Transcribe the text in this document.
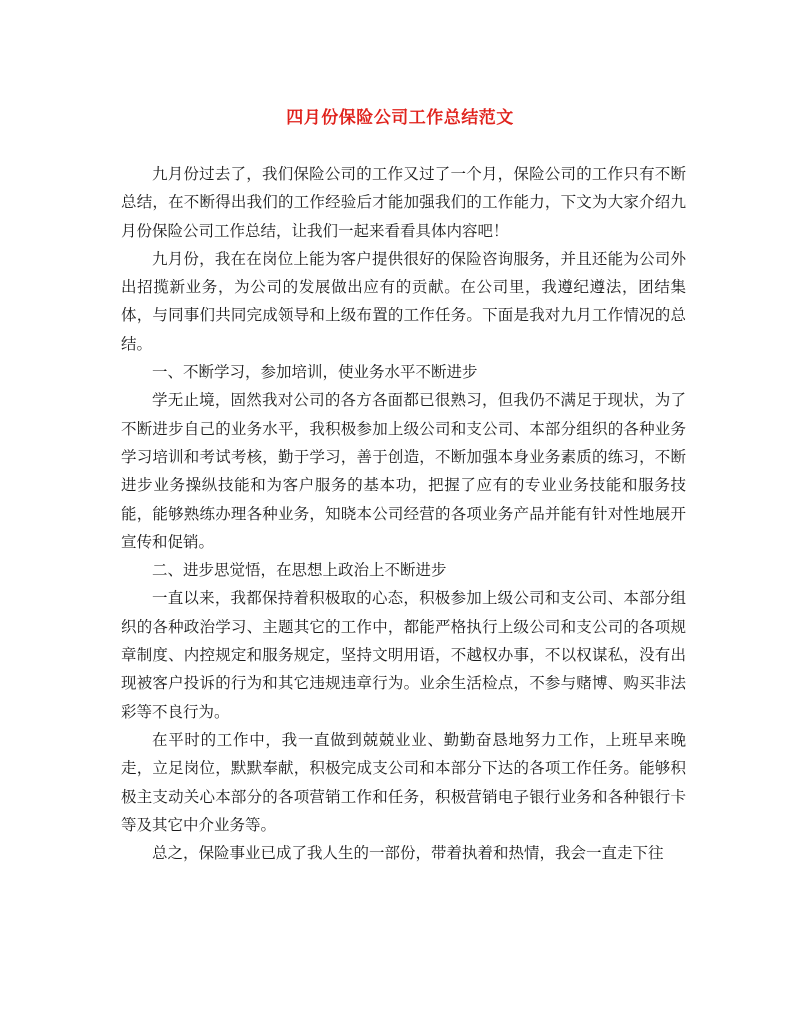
四月份保险公司工作总结范文

九月份过去了，我们保险公司的工作又过了一个月，保险公司的工作只有不断总结，在不断得出我们的工作经验后才能加强我们的工作能力，下文为大家介绍九月份保险公司工作总结，让我们一起来看看具体内容吧！

九月份，我在在岗位上能为客户提供很好的保险咨询服务，并且还能为公司外出招揽新业务，为公司的发展做出应有的贡献。在公司里，我遵纪遵法，团结集体，与同事们共同完成领导和上级布置的工作任务。下面是我对九月工作情况的总结。

一、不断学习，参加培训，使业务水平不断进步

学无止境，固然我对公司的各方各面都已很熟习，但我仍不满足于现状，为了不断进步自己的业务水平，我积极参加上级公司和支公司、本部分组织的各种业务学习培训和考试考核，勤于学习，善于创造，不断加强本身业务素质的练习，不断进步业务操纵技能和为客户服务的基本功，把握了应有的专业业务技能和服务技能，能够熟练办理各种业务，知晓本公司经营的各项业务产品并能有针对性地展开宣传和促销。

二、进步思觉悟，在思想上政治上不断进步

一直以来，我都保持着积极取的心态，积极参加上级公司和支公司、本部分组织的各种政治学习、主题其它的工作中，都能严格执行上级公司和支公司的各项规章制度、内控规定和服务规定，坚持文明用语，不越权办事，不以权谋私，没有出现被客户投诉的行为和其它违规违章行为。业余生活检点，不参与赌博、购买非法彩等不良行为。

在平时的工作中，我一直做到兢兢业业、勤勤奋恳地努力工作，上班早来晚走，立足岗位，默默奉献，积极完成支公司和本部分下达的各项工作任务。能够积极主支动关心本部分的各项营销工作和任务，积极营销电子银行业务和各种银行卡等及其它中介业务等。

总之，保险事业已成了我人生的一部份，带着执着和热情，我会一直走下往
